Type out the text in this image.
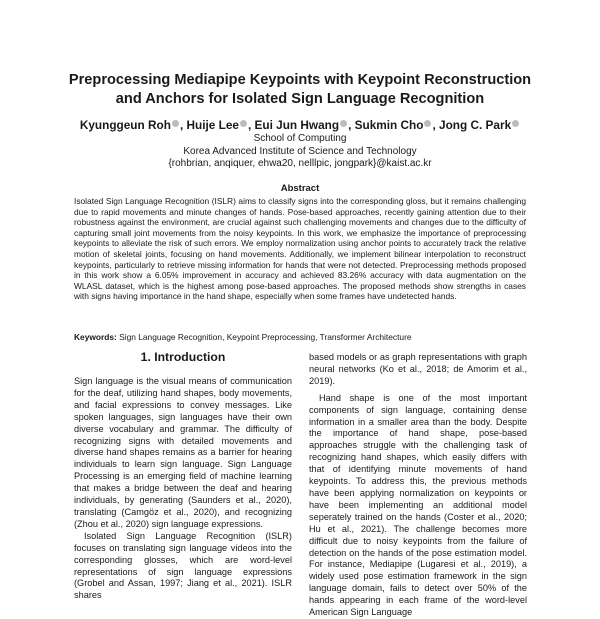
Preprocessing Mediapipe Keypoints with Keypoint Reconstruction
and Anchors for Isolated Sign Language Recognition
Kyunggeun Roh , Huije Lee , Eui Jun Hwang , Sukmin Cho , Jong C. Park
School of Computing
Korea Advanced Institute of Science and Technology
{rohbrian, anqiquer, ehwa20, nelllpic, jongpark}@kaist.ac.kr
Abstract

Isolated Sign Language Recognition (ISLR) aims to classify signs into the corresponding gloss, but it remains challenging due to rapid movements and minute changes of hands. Pose-based approaches, recently gaining attention due to their robustness against the environment, are crucial against such challenging movements and changes due to the difficulty of capturing small joint movements from the noisy keypoints. In this work, we emphasize the importance of preprocessing keypoints to alleviate the risk of such errors. We employ normalization using anchor points to accurately track the relative motion of skeletal joints, focusing on hand movements. Additionally, we implement bilinear interpolation to reconstruct keypoints, particularly to retrieve missing information for hands that were not detected. Preprocessing methods proposed in this work show a 6.05% improvement in accuracy and achieved 83.26% accuracy with data augmentation on the WLASL dataset, which is the highest among pose-based approaches. The proposed methods show strengths in cases with signs having importance in the hand shape, especially when some frames have undetected hands.

Keywords: Sign Language Recognition, Keypoint Preprocessing, Transformer Architecture
1. Introduction

Sign language is the visual means of communication for the deaf, utilizing hand shapes, body movements, and facial expressions to convey messages. Like spoken languages, sign languages have their own diverse vocabulary and grammar. The difficulty of recognizing signs with detailed movements and diverse hand shapes remains as a barrier for hearing individuals to learn sign language. Sign Language Processing is an emerging field of machine learning that makes a bridge between the deaf and hearing individuals, by generating (Saunders et al., 2020), translating (Camgöz et al., 2020), and recognizing (Zhou et al., 2020) sign language expressions.

Isolated Sign Language Recognition (ISLR) focuses on translating sign language videos into the corresponding glosses, which are word-level representations of sign language expressions (Grobel and Assan, 1997; Jiang et al., 2021). ISLR shares

based models or as graph representations with graph neural networks (Ko et al., 2018; de Amorim et al., 2019).

Hand shape is one of the most important components of sign language, containing dense information in a smaller area than the body. Despite the importance of hand shape, pose-based approaches struggle with the challenging task of recognizing hand shapes, which easily differs with that of identifying minute movements of hand keypoints. To address this, the previous methods have been applying normalization on keypoints or have been implementing an additional model seperately trained on the hands (Coster et al., 2020; Hu et al., 2021). The challenge becomes more difficult due to noisy keypoints from the failure of detection on the hands of the pose estimation model. For instance, Mediapipe (Lugaresi et al., 2019), a widely used pose estimation framework in the sign language domain, fails to detect over 50% of the hands appearing in each frame of the word-level American Sign Language
